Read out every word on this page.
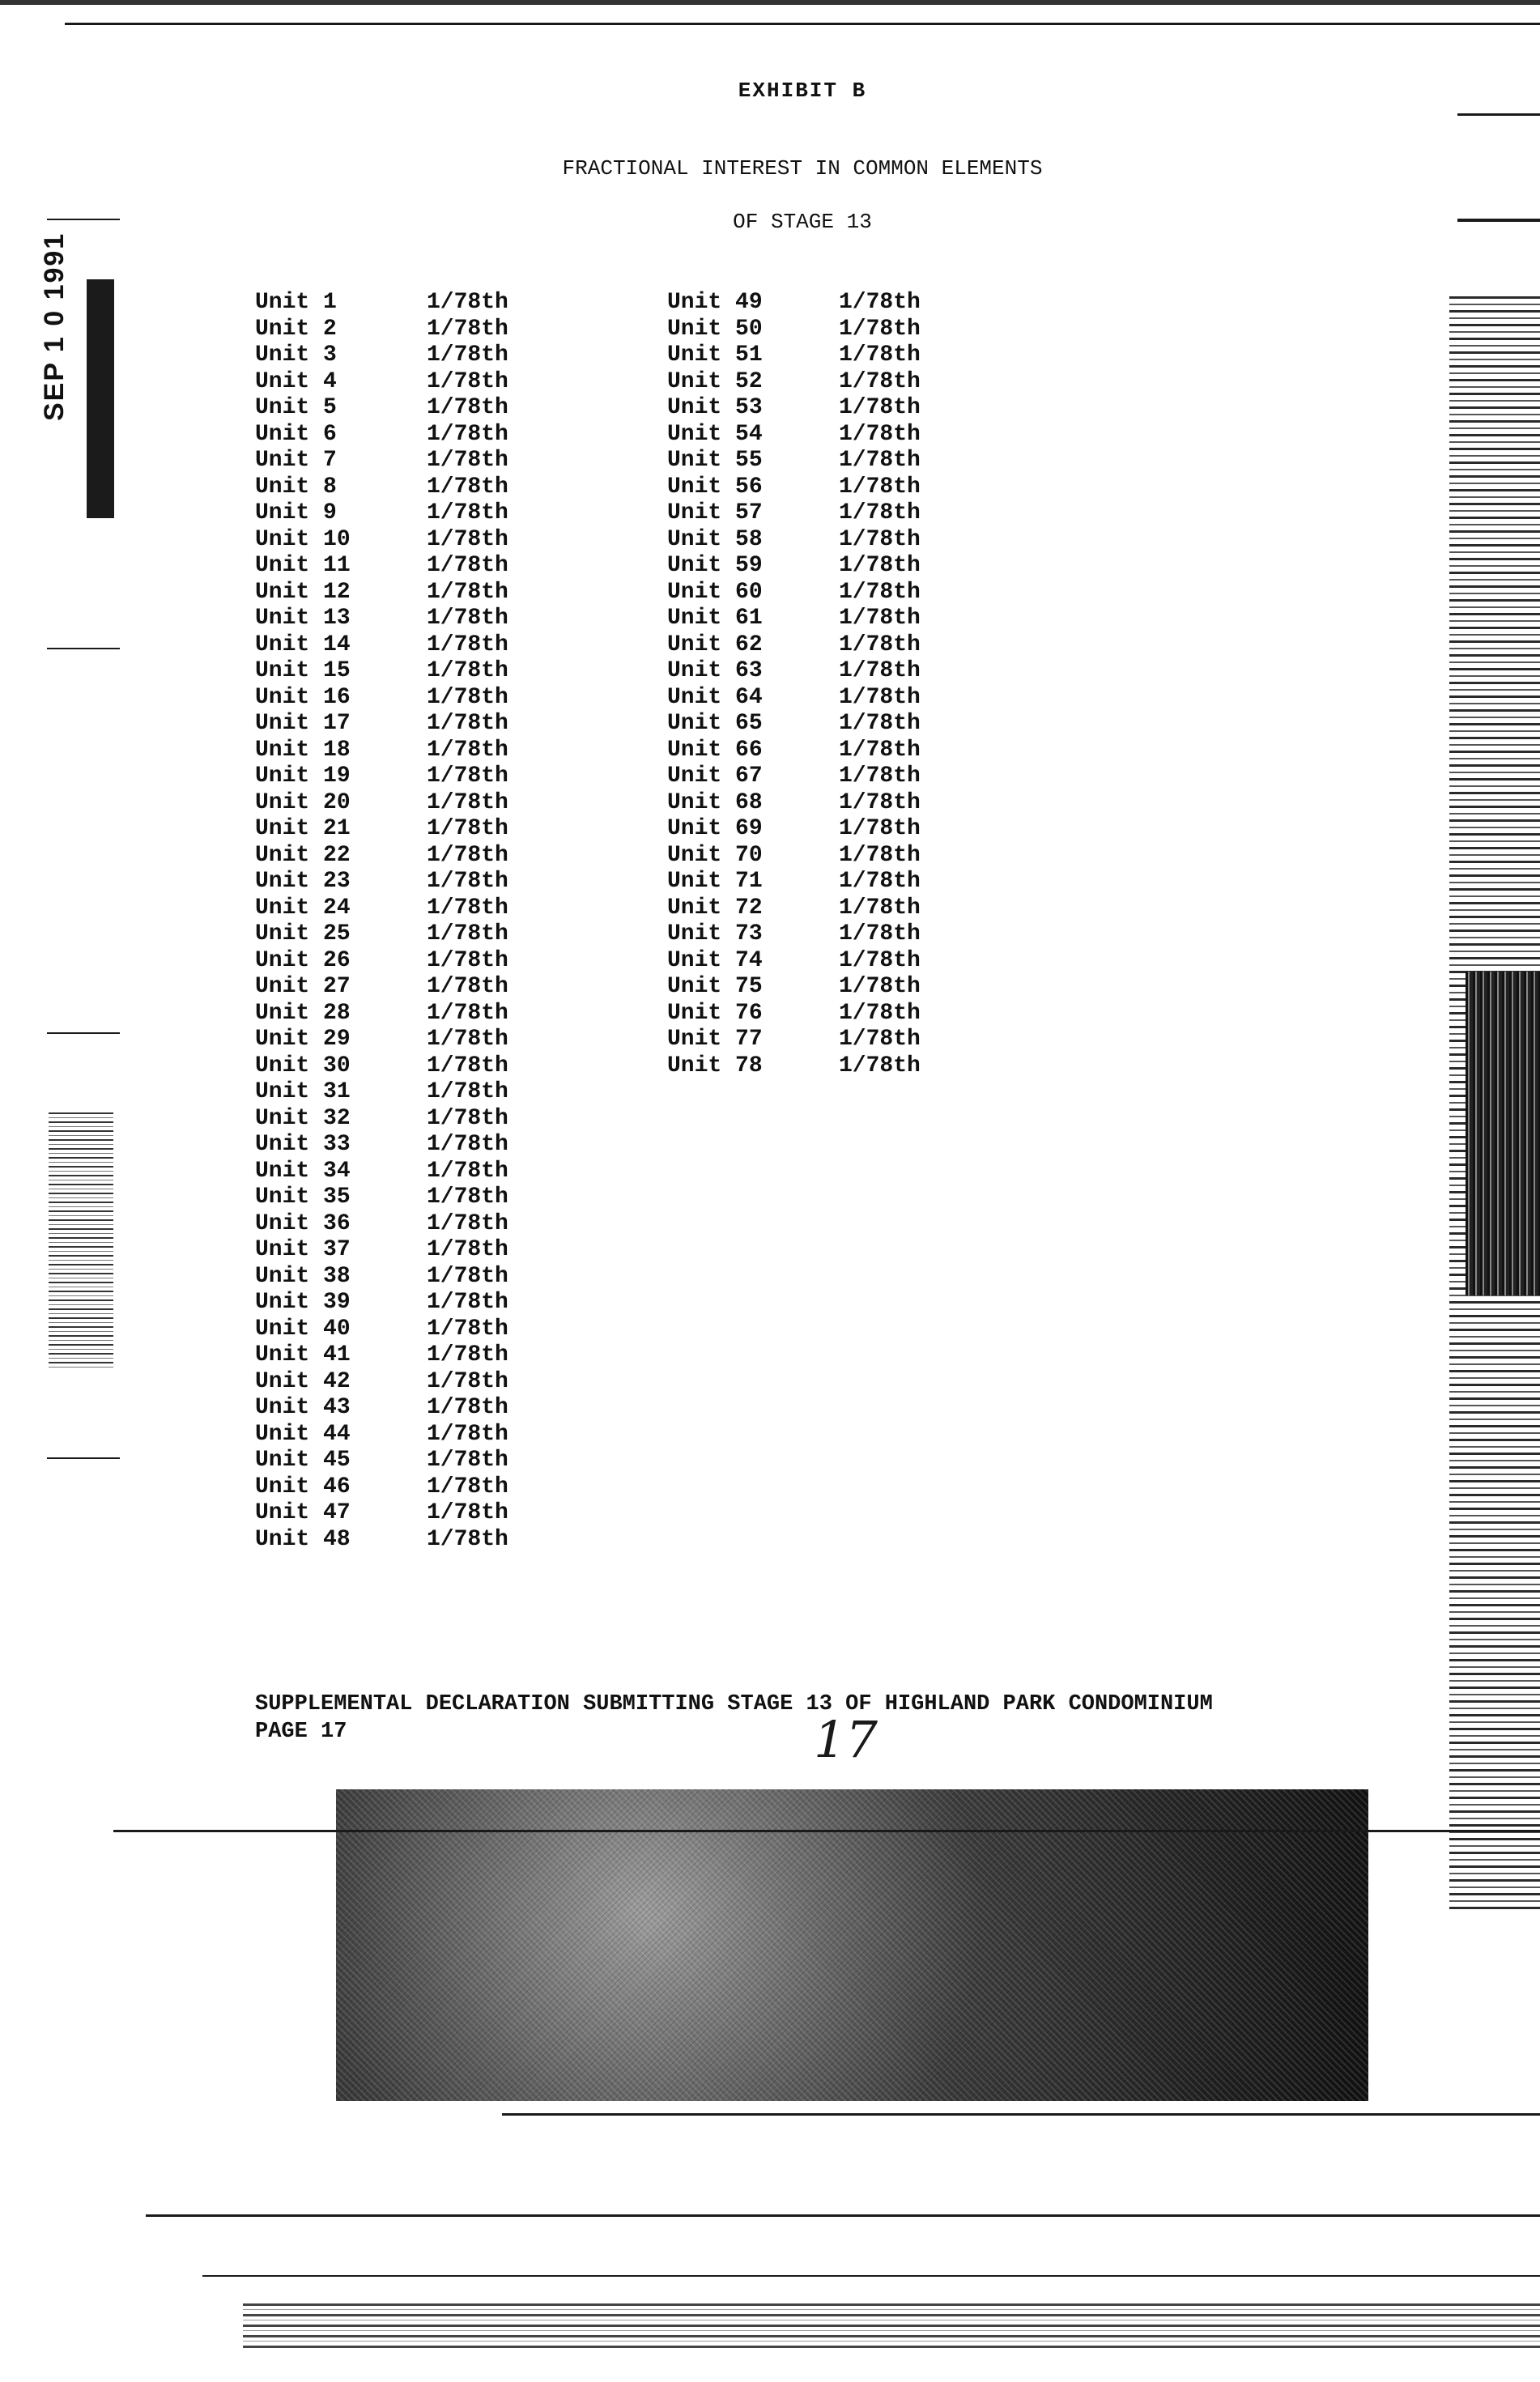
SEP 1 0 1991
EXHIBIT B
FRACTIONAL INTEREST IN COMMON ELEMENTS
OF STAGE 13
Unit 1	1/78th
Unit 2	1/78th
Unit 3	1/78th
Unit 4	1/78th
Unit 5	1/78th
Unit 6	1/78th
Unit 7	1/78th
Unit 8	1/78th
Unit 9	1/78th
Unit 10	1/78th
Unit 11	1/78th
Unit 12	1/78th
Unit 13	1/78th
Unit 14	1/78th
Unit 15	1/78th
Unit 16	1/78th
Unit 17	1/78th
Unit 18	1/78th
Unit 19	1/78th
Unit 20	1/78th
Unit 21	1/78th
Unit 22	1/78th
Unit 23	1/78th
Unit 24	1/78th
Unit 25	1/78th
Unit 26	1/78th
Unit 27	1/78th
Unit 28	1/78th
Unit 29	1/78th
Unit 30	1/78th
Unit 31	1/78th
Unit 32	1/78th
Unit 33	1/78th
Unit 34	1/78th
Unit 35	1/78th
Unit 36	1/78th
Unit 37	1/78th
Unit 38	1/78th
Unit 39	1/78th
Unit 40	1/78th
Unit 41	1/78th
Unit 42	1/78th
Unit 43	1/78th
Unit 44	1/78th
Unit 45	1/78th
Unit 46	1/78th
Unit 47	1/78th
Unit 48	1/78th
Unit 49	1/78th
Unit 50	1/78th
Unit 51	1/78th
Unit 52	1/78th
Unit 53	1/78th
Unit 54	1/78th
Unit 55	1/78th
Unit 56	1/78th
Unit 57	1/78th
Unit 58	1/78th
Unit 59	1/78th
Unit 60	1/78th
Unit 61	1/78th
Unit 62	1/78th
Unit 63	1/78th
Unit 64	1/78th
Unit 65	1/78th
Unit 66	1/78th
Unit 67	1/78th
Unit 68	1/78th
Unit 69	1/78th
Unit 70	1/78th
Unit 71	1/78th
Unit 72	1/78th
Unit 73	1/78th
Unit 74	1/78th
Unit 75	1/78th
Unit 76	1/78th
Unit 77	1/78th
Unit 78	1/78th
SUPPLEMENTAL DECLARATION SUBMITTING STAGE 13 OF HIGHLAND PARK CONDOMINIUM
PAGE 17	17
